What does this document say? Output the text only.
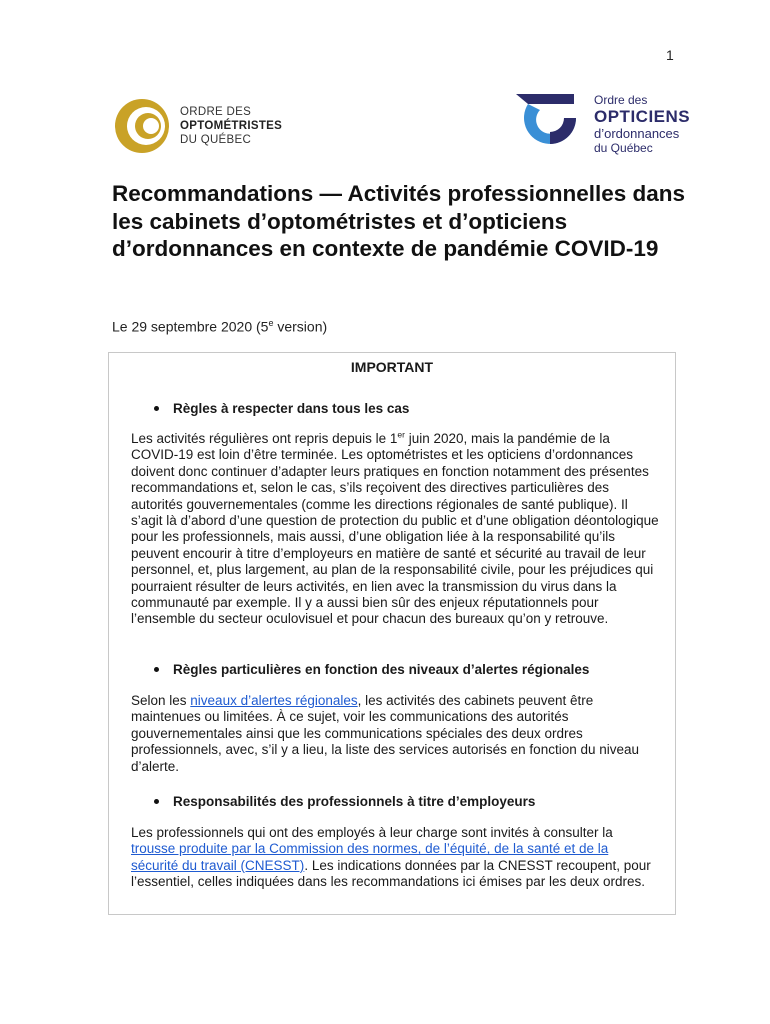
1
ORDRE DES
OPTOMÉTRISTES
DU QUÉBEC
Ordre des
OPTICIENS
d’ordonnances
du Québec
Recommandations — Activités professionnelles dans les cabinets d’optométristes et d’opticiens d’ordonnances en contexte de pandémie COVID-19
Le 29 septembre 2020 (5e version)
IMPORTANT
Règles à respecter dans tous les cas

Les activités régulières ont repris depuis le 1er juin 2020, mais la pandémie de la COVID-19 est loin d’être terminée. Les optométristes et les opticiens d’ordonnances doivent donc continuer d’adapter leurs pratiques en fonction notamment des présentes recommandations et, selon le cas, s’ils reçoivent des directives particulières des autorités gouvernementales (comme les directions régionales de santé publique). Il s’agit là d’abord d’une question de protection du public et d’une obligation déontologique pour les professionnels, mais aussi, d’une obligation liée à la responsabilité qu’ils peuvent encourir à titre d’employeurs en matière de santé et sécurité au travail de leur personnel, et, plus largement, au plan de la responsabilité civile, pour les préjudices qui pourraient résulter de leurs activités, en lien avec la transmission du virus dans la communauté par exemple. Il y a aussi bien sûr des enjeux réputationnels pour l’ensemble du secteur oculovisuel et pour chacun des bureaux qu’on y retrouve.

Règles particulières en fonction des niveaux d’alertes régionales

Selon les niveaux d’alertes régionales, les activités des cabinets peuvent être maintenues ou limitées. À ce sujet, voir les communications des autorités gouvernementales ainsi que les communications spéciales des deux ordres professionnels, avec, s’il y a lieu, la liste des services autorisés en fonction du niveau d’alerte.

Responsabilités des professionnels à titre d’employeurs

Les professionnels qui ont des employés à leur charge sont invités à consulter la trousse produite par la Commission des normes, de l’équité, de la santé et de la sécurité du travail (CNESST). Les indications données par la CNESST recoupent, pour l’essentiel, celles indiquées dans les recommandations ici émises par les deux ordres.
